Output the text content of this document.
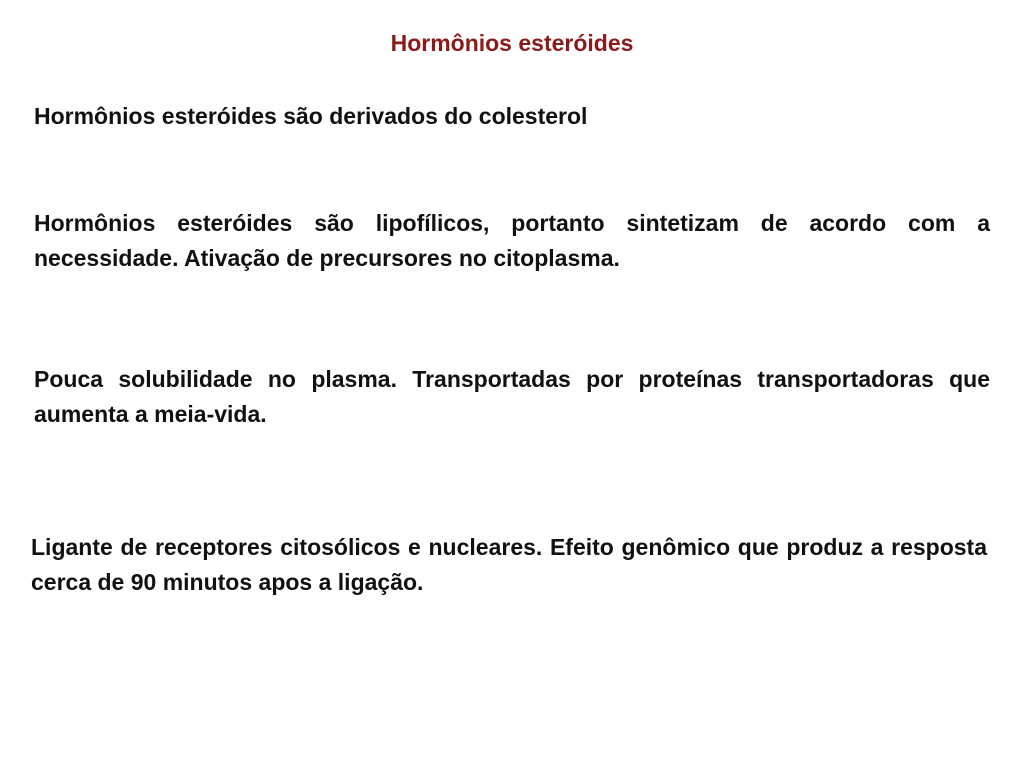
Hormônios esteróides

Hormônios esteróides são derivados do colesterol

Hormônios esteróides são lipofílicos, portanto sintetizam de acordo com a necessidade. Ativação de precursores no citoplasma.

Pouca solubilidade no plasma. Transportadas por proteínas transportadoras que aumenta a meia-vida.

Ligante de receptores citosólicos e nucleares. Efeito genômico que produz a resposta cerca de 90 minutos apos a ligação.
